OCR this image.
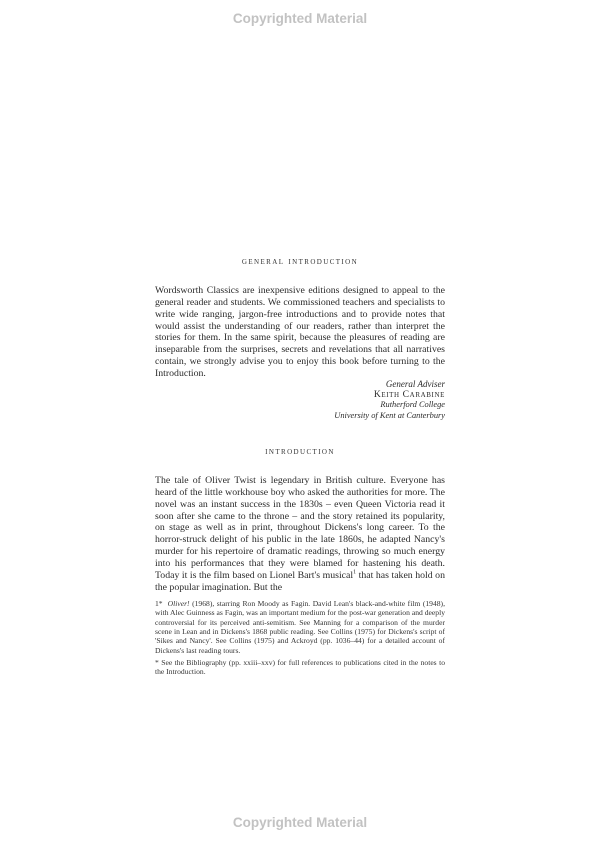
Copyrighted Material
general introduction
Wordsworth Classics are inexpensive editions designed to appeal to the general reader and students. We commissioned teachers and specialists to write wide ranging, jargon-free introductions and to provide notes that would assist the understanding of our readers, rather than interpret the stories for them. In the same spirit, because the pleasures of reading are inseparable from the surprises, secrets and revelations that all narratives contain, we strongly advise you to enjoy this book before turning to the Introduction.
General Adviser
Keith Carabine
Rutherford College
University of Kent at Canterbury
introduction
The tale of Oliver Twist is legendary in British culture. Everyone has heard of the little workhouse boy who asked the authorities for more. The novel was an instant success in the 1830s – even Queen Victoria read it soon after she came to the throne – and the story retained its popularity, on stage as well as in print, throughout Dickens's long career. To the horror-struck delight of his public in the late 1860s, he adapted Nancy's murder for his repertoire of dramatic readings, throwing so much energy into his performances that they were blamed for hastening his death. Today it is the film based on Lionel Bart's musical$^1$ that has taken hold on the popular imagination. But the

1* Oliver! (1968), starring Ron Moody as Fagin. David Lean's black-and-white film (1948), with Alec Guinness as Fagin, was an important medium for the post-war generation and deeply controversial for its perceived anti-semitism. See Manning for a comparison of the murder scene in Lean and in Dickens's 1868 public reading. See Collins (1975) for Dickens's script of 'Sikes and Nancy'. See Collins (1975) and Ackroyd (pp. 1036–44) for a detailed account of Dickens's last reading tours.

* See the Bibliography (pp. xxiii–xxv) for full references to publications cited in the notes to the Introduction.

Copyrighted Material
